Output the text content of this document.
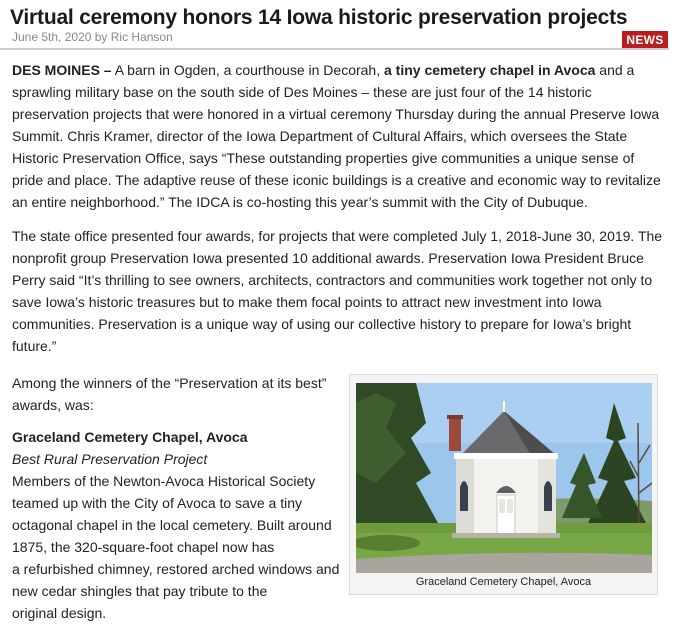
Virtual ceremony honors 14 Iowa historic preservation projects
June 5th, 2020 by Ric Hanson	NEWS

DES MOINES – A barn in Ogden, a courthouse in Decorah, a tiny cemetery chapel in Avoca and a sprawling military base on the south side of Des Moines – these are just four of the 14 historic preservation projects that were honored in a virtual ceremony Thursday during the annual Preserve Iowa Summit. Chris Kramer, director of the Iowa Department of Cultural Affairs, which oversees the State Historic Preservation Office, says “These outstanding properties give communities a unique sense of pride and place. The adaptive reuse of these iconic buildings is a creative and economic way to revitalize an entire neighborhood.” The IDCA is co-hosting this year’s summit with the City of Dubuque.

The state office presented four awards, for projects that were completed July 1, 2018-June 30, 2019. The nonprofit group Preservation Iowa presented 10 additional awards. Preservation Iowa President Bruce Perry said “It’s thrilling to see owners, architects, contractors and communities work together not only to save Iowa’s historic treasures but to make them focal points to attract new investment into Iowa communities. Preservation is a unique way of using our collective history to prepare for Iowa’s bright future.”

Among the winners of the “Preservation at its best” awards, was:

Graceland Cemetery Chapel, Avoca

Best Rural Preservation Project

Members of the Newton-Avoca Historical Society

teamed up with the City of Avoca to save a tiny

octagonal chapel in the local cemetery. Built around

1875, the 320-square-foot chapel now has

a refurbished chimney, restored arched windows and

new cedar shingles that pay tribute to the

original design.

Graceland Cemetery Chapel, Avoca
